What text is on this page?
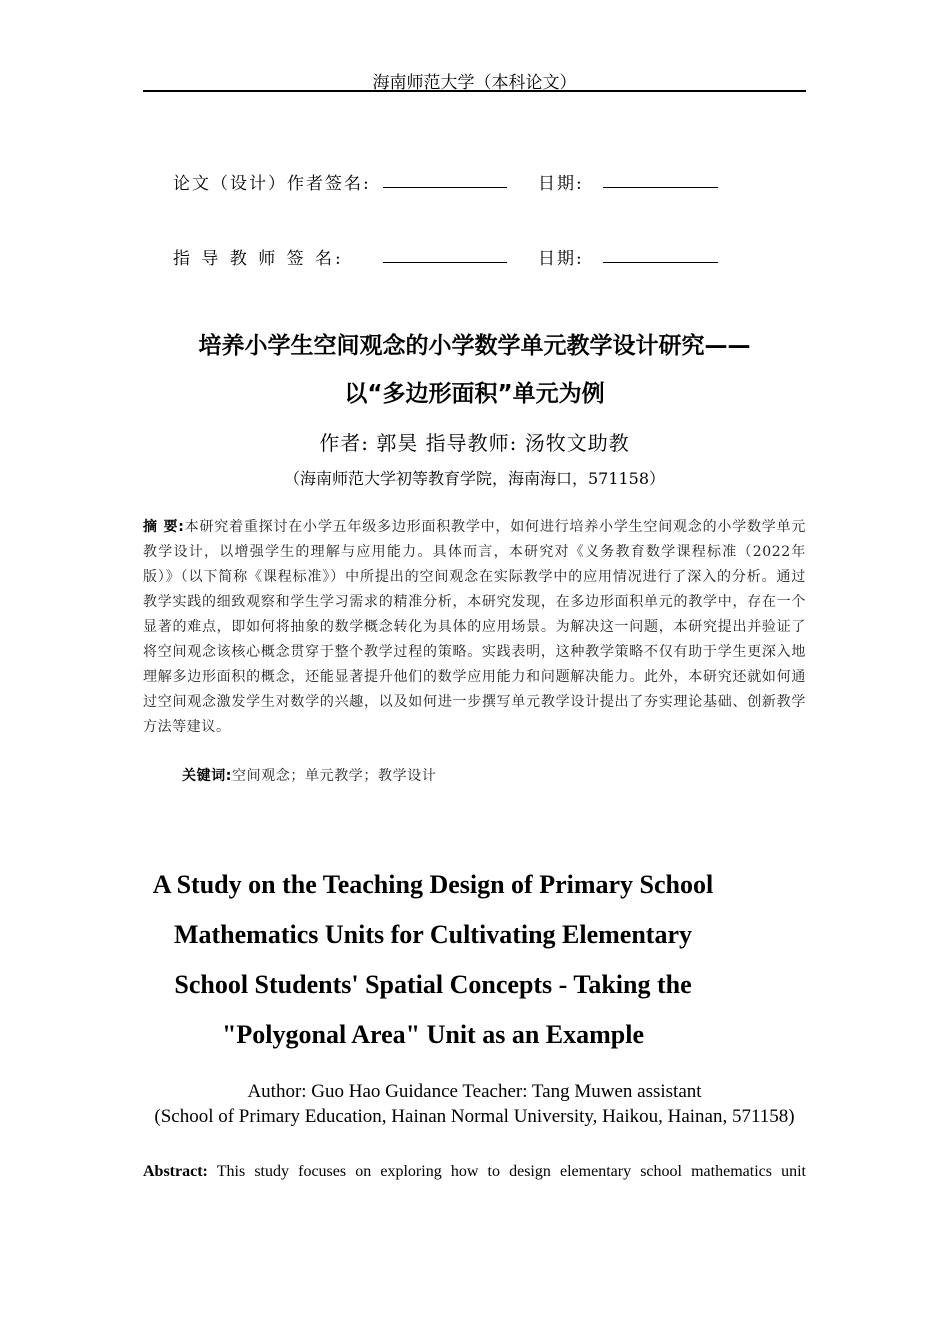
海南师范大学（本科论文）
论文（设计）作者签名:	日期:
指 导 教 师 签 名:	日期:
培养小学生空间观念的小学数学单元教学设计研究——
以“多边形面积”单元为例
作者: 郭昊 指导教师: 汤牧文助教
（海南师范大学初等教育学院，海南海口，571158）
摘 要:本研究着重探讨在小学五年级多边形面积教学中，如何进行培养小学生空间观念的小学数学单元教学设计，以增强学生的理解与应用能力。具体而言，本研究对《义务教育数学课程标准（2022年版）》（以下简称《课程标准》）中所提出的空间观念在实际教学中的应用情况进行了深入的分析。通过教学实践的细致观察和学生学习需求的精准分析，本研究发现，在多边形面积单元的教学中，存在一个显著的难点，即如何将抽象的数学概念转化为具体的应用场景。为解决这一问题，本研究提出并验证了将空间观念该核心概念贯穿于整个教学过程的策略。实践表明，这种教学策略不仅有助于学生更深入地理解多边形面积的概念，还能显著提升他们的数学应用能力和问题解决能力。此外，本研究还就如何通过空间观念激发学生对数学的兴趣，以及如何进一步撰写单元教学设计提出了夯实理论基础、创新教学方法等建议。
关键词:空间观念；单元教学；教学设计
A Study on the Teaching Design of Primary School
Mathematics Units for Cultivating Elementary
School Students' Spatial Concepts - Taking the
"Polygonal Area" Unit as an Example
Author: Guo Hao Guidance Teacher: Tang Muwen assistant
(School of Primary Education, Hainan Normal University, Haikou, Hainan, 571158)
Abstract: This study focuses on exploring how to design elementary school mathematics unit
